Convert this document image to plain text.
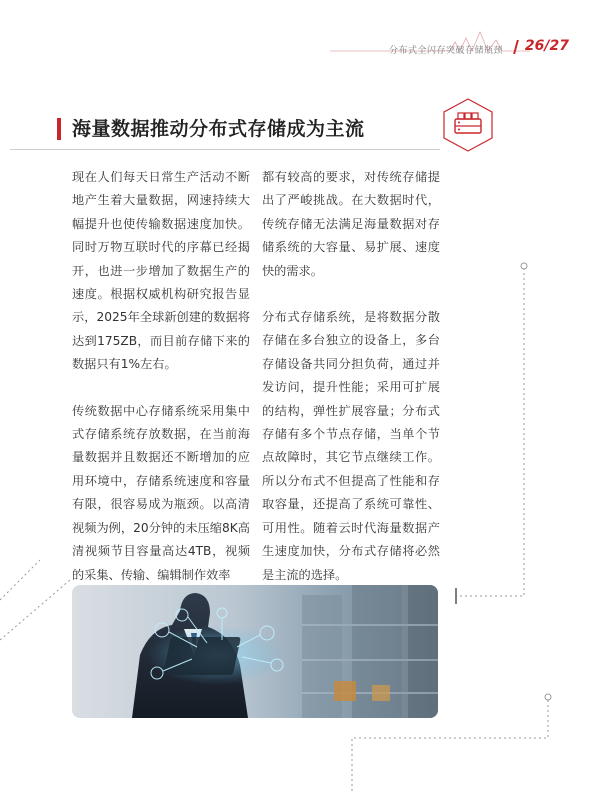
分布式全闪存突破存储瓶颈 26/27
海量数据推动分布式存储成为主流

现在人们每天日常生产活动不断地产生着大量数据，网速持续大幅提升也使传输数据速度加快。同时万物互联时代的序幕已经揭开，也进一步增加了数据生产的速度。根据权威机构研究报告显示，2025年全球新创建的数据将达到175ZB，而目前存储下来的数据只有1%左右。

传统数据中心存储系统采用集中式存储系统存放数据，在当前海量数据并且数据还不断增加的应用环境中，存储系统速度和容量有限，很容易成为瓶颈。以高清视频为例，20分钟的未压缩8K高清视频节目容量高达4TB，视频的采集、传输、编辑制作效率

都有较高的要求，对传统存储提出了严峻挑战。在大数据时代，传统存储无法满足海量数据对存储系统的大容量、易扩展、速度快的需求。

分布式存储系统，是将数据分散存储在多台独立的设备上，多台存储设备共同分担负荷，通过并发访问，提升性能；采用可扩展的结构，弹性扩展容量；分布式存储有多个节点存储，当单个节点故障时，其它节点继续工作。所以分布式不但提高了性能和存取容量，还提高了系统可靠性、可用性。随着云时代海量数据产生速度加快，分布式存储将必然是主流的选择。
